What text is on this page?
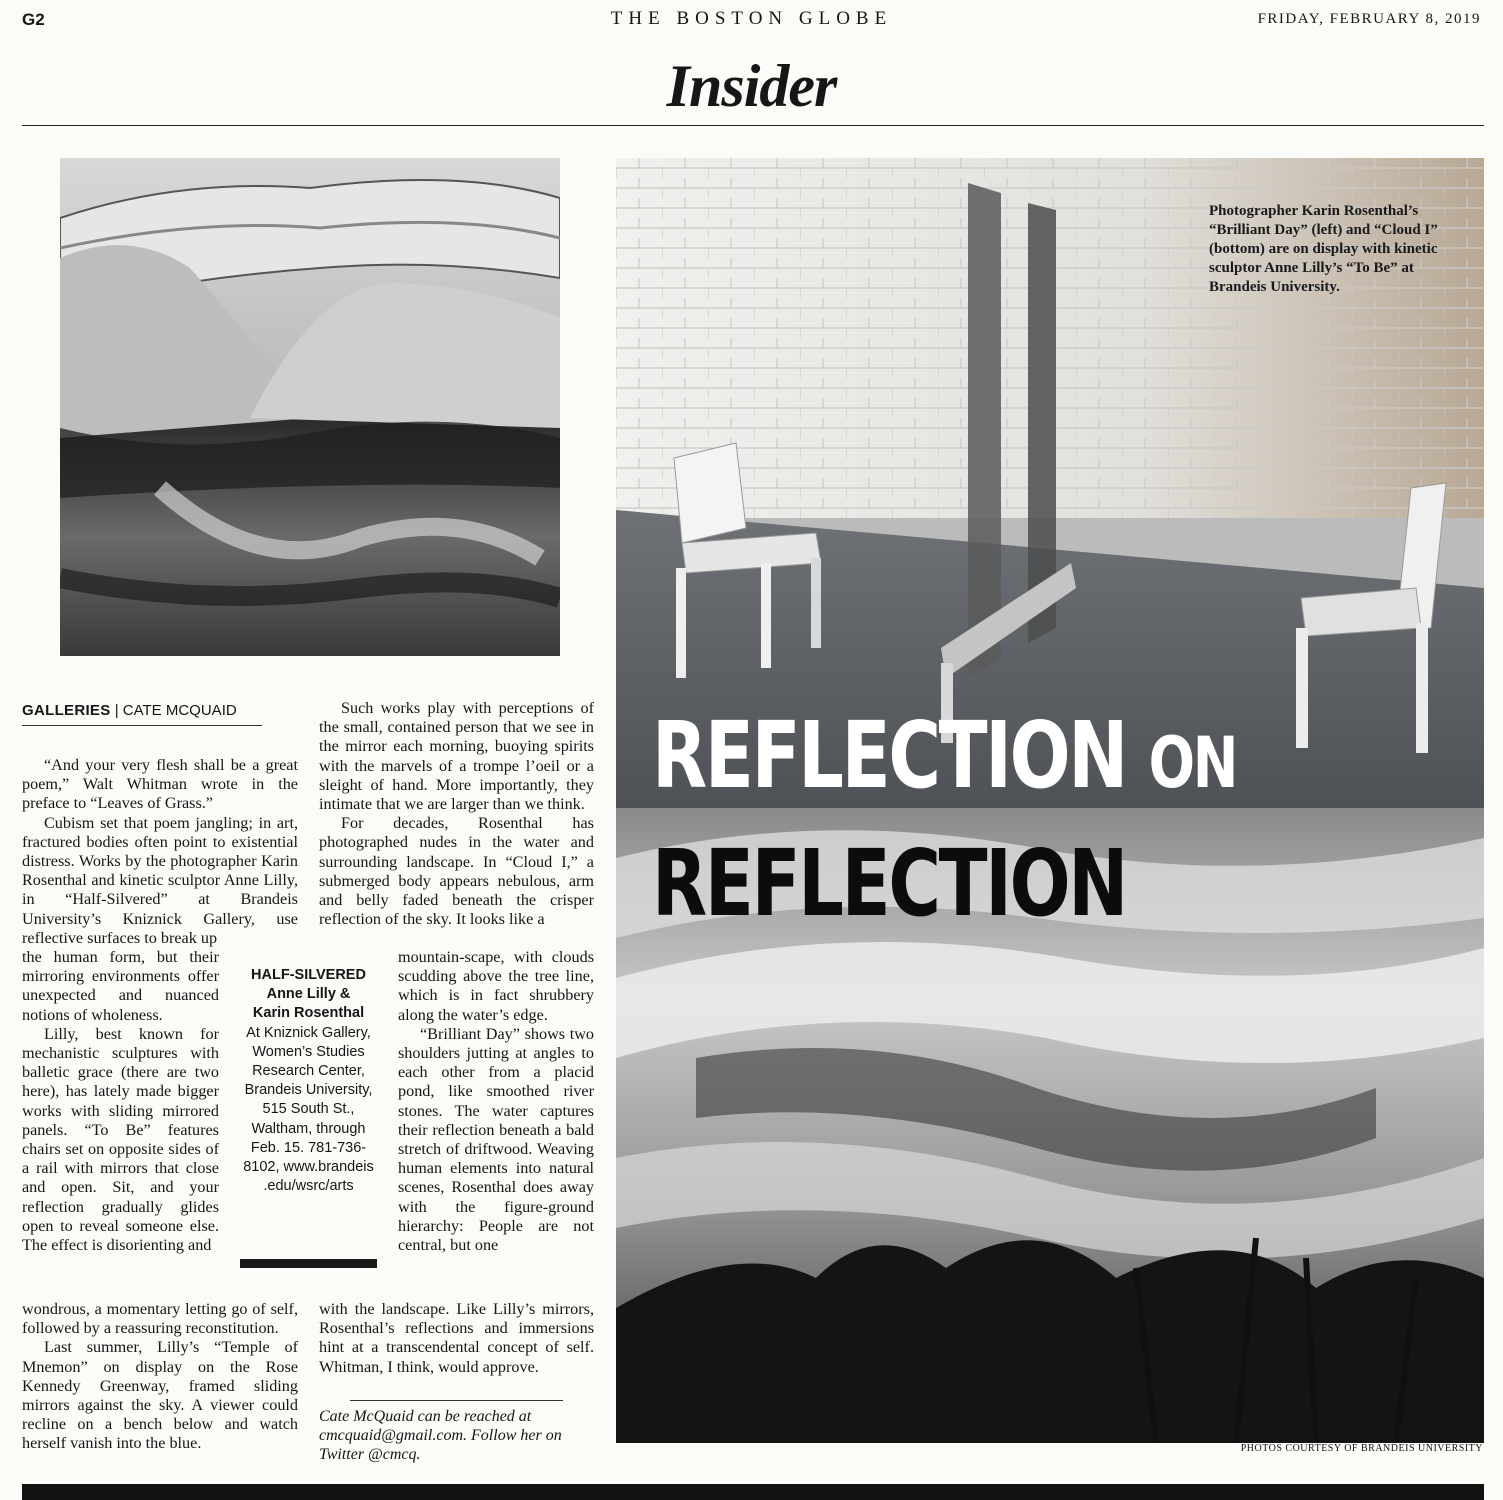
G2	THE BOSTON GLOBE	FRIDAY, FEBRUARY 8, 2019
Insider
Photographer Karin Rosenthal’s “Brilliant Day” (left) and “Cloud I” (bottom) are on display with kinetic sculptor Anne Lilly’s “To Be” at Brandeis University.
REFLECTION ON
REFLECTION
PHOTOS COURTESY OF BRANDEIS UNIVERSITY
GALLERIES | CATE MCQUAID

“And your very flesh shall be a great poem,” Walt Whitman wrote in the preface to “Leaves of Grass.”

Cubism set that poem jangling; in art, fractured bodies often point to existential distress. Works by the photographer Karin Rosenthal and kinetic sculptor Anne Lilly, in “Half-Silvered” at Brandeis University’s Kniznick Gallery, use reflective surfaces to break up

the human form, but their mirroring environments offer unexpected and nuanced notions of wholeness.

Lilly, best known for mechanistic sculptures with balletic grace (there are two here), has lately made bigger works with sliding mirrored panels. “To Be” features chairs set on opposite sides of a rail with mirrors that close and open. Sit, and your reflection gradually glides open to reveal someone else. The effect is disorienting and

wondrous, a momentary letting go of self, followed by a reassuring reconstitution.

Last summer, Lilly’s “Temple of Mnemon” on display on the Rose Kennedy Greenway, framed sliding mirrors against the sky. A viewer could recline on a bench below and watch herself vanish into the blue.

Such works play with perceptions of the small, contained person that we see in the mirror each morning, buoying spirits with the marvels of a trompe l’oeil or a sleight of hand. More importantly, they intimate that we are larger than we think.

For decades, Rosenthal has photographed nudes in the water and surrounding landscape. In “Cloud I,” a submerged body appears nebulous, arm and belly faded beneath the crisper reflection of the sky. It looks like a

mountain-scape, with clouds scudding above the tree line, which is in fact shrubbery along the water’s edge.

“Brilliant Day” shows two shoulders jutting at angles to each other from a placid pond, like smoothed river stones. The water captures their reflection beneath a bald stretch of driftwood. Weaving human elements into natural scenes, Rosenthal does away with the figure-ground hierarchy: People are not central, but one

with the landscape. Like Lilly’s mirrors, Rosenthal’s reflections and immersions hint at a transcendental concept of self. Whitman, I think, would approve.

HALF-SILVERED
Anne Lilly &
Karin Rosenthal
At Kniznick Gallery, Women’s Studies Research Center, Brandeis University, 515 South St., Waltham, through Feb. 15. 781-736-8102, www.brandeis .edu/wsrc/arts
Cate McQuaid can be reached at cmcquaid@gmail.com. Follow her on Twitter @cmcq.
